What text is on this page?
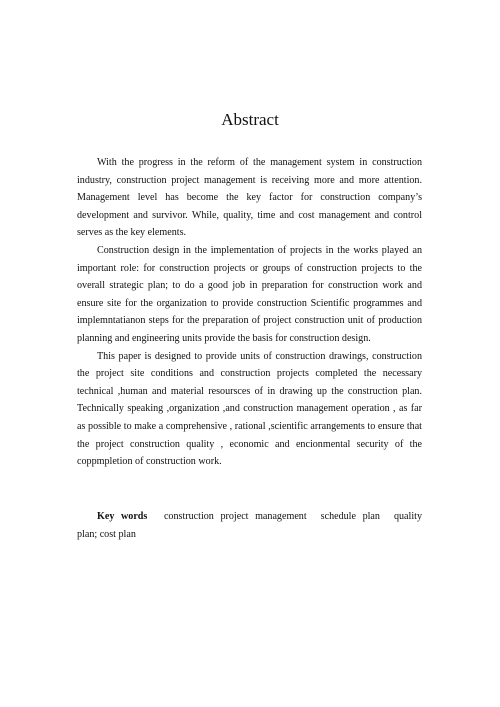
Abstract

With the progress in the reform of the management system in construction industry, construction project management is receiving more and more attention. Management level has become the key factor for construction company’s development and survivor. While, quality, time and cost management and control serves as the key elements.

Construction design in the implementation of projects in the works played an important role: for construction projects or groups of construction projects to the overall strategic plan; to do a good job in preparation for construction work and ensure site for the organization to provide construction Scientific programmes and implemntatianon steps for the preparation of project construction unit of production planning and engineering units provide the basis for construction design.

This paper is designed to provide units of construction drawings, construction the project site conditions and construction projects completed the necessary technical ,human and material resoursces of in drawing up the construction plan. Technically speaking ,organization ,and construction management operation , as far as possible to make a comprehensive , rational ,scientific arrangements to ensure that the project construction quality , economic and encionmental security of the coppmpletion of construction work.

Key words construction project management schedule plan quality plan; cost plan
